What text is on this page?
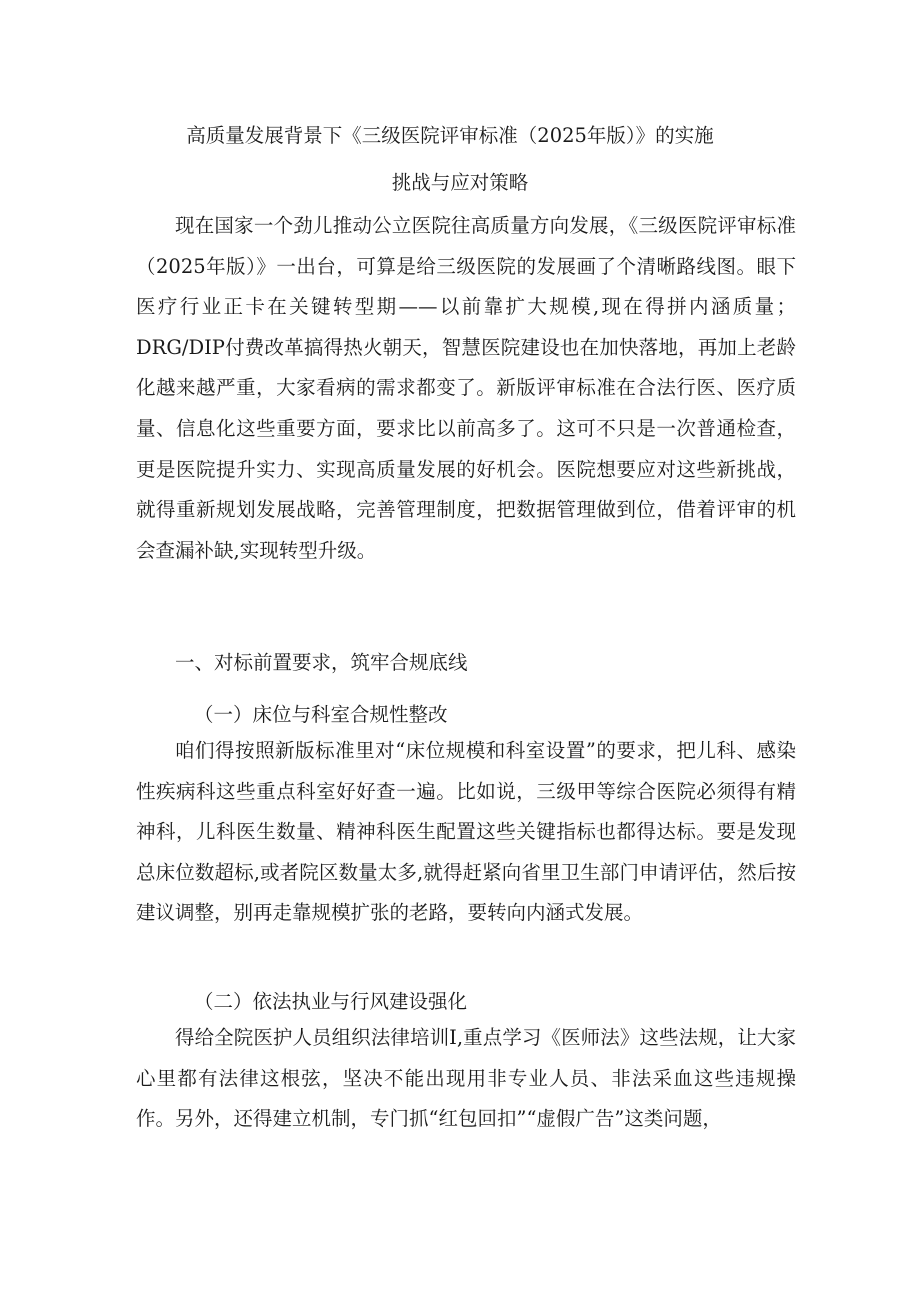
高质量发展背景下《三级医院评审标准（2025年版）》的实施
挑战与应对策略

现在国家一个劲儿推动公立医院往高质量方向发展，《三级医院评审标准（2025年版）》一出台，可算是给三级医院的发展画了个清晰路线图。眼下医疗行业正卡在关键转型期——以前靠扩大规模,现在得拼内涵质量；DRG/DIP付费改革搞得热火朝天，智慧医院建设也在加快落地，再加上老龄化越来越严重，大家看病的需求都变了。新版评审标准在合法行医、医疗质量、信息化这些重要方面，要求比以前高多了。这可不只是一次普通检查，更是医院提升实力、实现高质量发展的好机会。医院想要应对这些新挑战，就得重新规划发展战略，完善管理制度，把数据管理做到位，借着评审的机会查漏补缺,实现转型升级。

一、对标前置要求，筑牢合规底线
（一）床位与科室合规性整改

咱们得按照新版标准里对“床位规模和科室设置”的要求，把儿科、感染性疾病科这些重点科室好好查一遍。比如说，三级甲等综合医院必须得有精神科，儿科医生数量、精神科医生配置这些关键指标也都得达标。要是发现总床位数超标,或者院区数量太多,就得赶紧向省里卫生部门申请评估，然后按建议调整，别再走靠规模扩张的老路，要转向内涵式发展。

（二）依法执业与行风建设强化

得给全院医护人员组织法律培训I,重点学习《医师法》这些法规，让大家心里都有法律这根弦，坚决不能出现用非专业人员、非法采血这些违规操作。另外，还得建立机制，专门抓“红包回扣”“虚假广告”这类问题，
